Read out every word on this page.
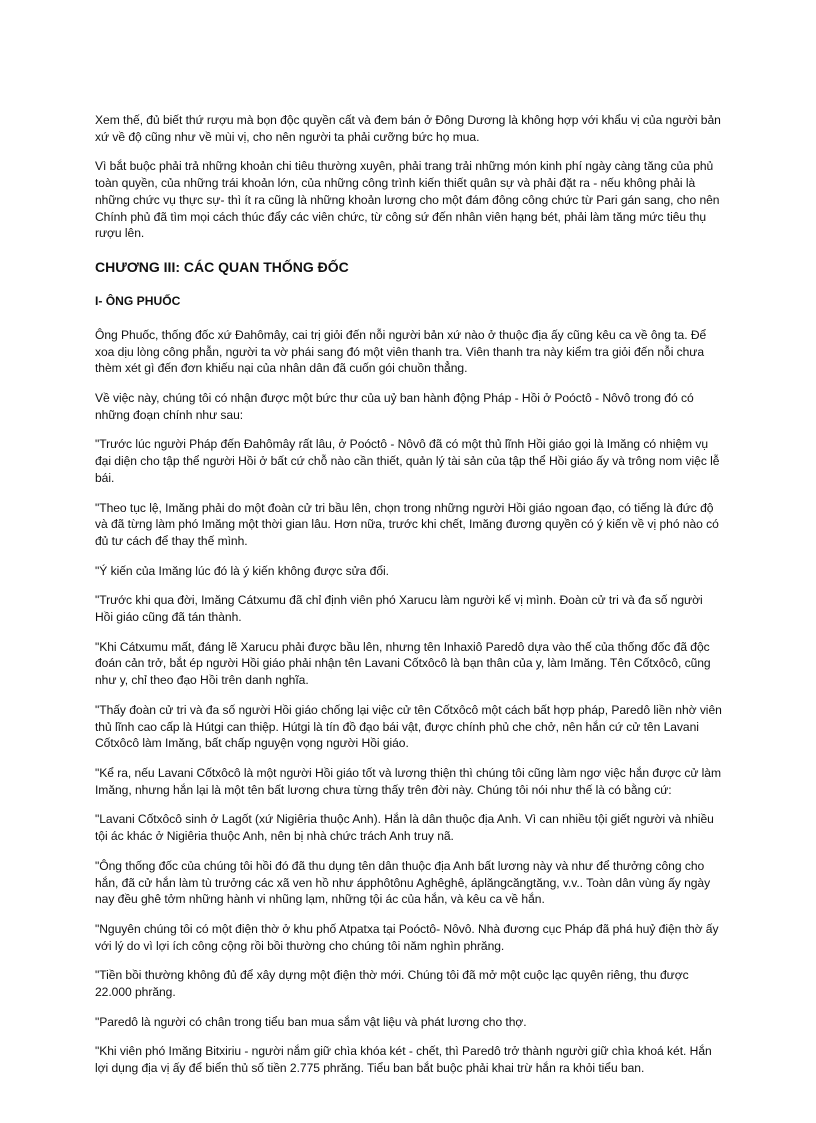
Xem thế, đủ biết thứ rượu mà bọn độc quyền cất và đem bán ở Đông Dương là không hợp với khẩu vị của người bản xứ về độ cũng như về mùi vị, cho nên người ta phải cưỡng bức họ mua.

Vì bắt buộc phải trả những khoản chi tiêu thường xuyên, phải trang trải những món kinh phí ngày càng tăng của phủ toàn quyền, của những trái khoản lớn, của những công trình kiến thiết quân sự và phải đặt ra - nếu không phải là những chức vụ thực sự- thì ít ra cũng là những khoản lương cho một đám đông công chức từ Pari gán sang, cho nên Chính phủ đã tìm mọi cách thúc đẩy các viên chức, từ công sứ đến nhân viên hạng bét, phải làm tăng mức tiêu thụ rượu lên.

CHƯƠNG III: CÁC QUAN THỐNG ĐỐC
I- ÔNG PHUỐC

Ông Phuốc, thống đốc xứ Đahômây, cai trị giỏi đến nỗi người bản xứ nào ở thuộc địa ấy cũng kêu ca về ông ta. Để xoa dịu lòng công phẫn, người ta vờ phái sang đó một viên thanh tra. Viên thanh tra này kiểm tra giỏi đến nỗi chưa thèm xét gì đến đơn khiếu nại của nhân dân đã cuốn gói chuồn thẳng.

Về việc này, chúng tôi có nhận được một bức thư của uỷ ban hành động Pháp - Hồi ở Poóctô - Nôvô trong đó có những đoạn chính như sau:

"Trước lúc người Pháp đến Đahômây rất lâu, ở Poóctô - Nôvô đã có một thủ lĩnh Hồi giáo gọi là Imăng có nhiệm vụ đại diện cho tập thể người Hồi ở bất cứ chỗ nào cần thiết, quản lý tài sản của tập thể Hồi giáo ấy và trông nom việc lễ bái.

"Theo tục lệ, Imăng phải do một đoàn cử tri bầu lên, chọn trong những người Hồi giáo ngoan đạo, có tiếng là đức độ và đã từng làm phó Imăng một thời gian lâu. Hơn nữa, trước khi chết, Imăng đương quyền có ý kiến về vị phó nào có đủ tư cách để thay thế mình.

"Ý kiến của Imăng lúc đó là ý kiến không được sửa đổi.

"Trước khi qua đời, Imăng Cátxumu đã chỉ định viên phó Xarucu làm người kế vị mình. Đoàn cử tri và đa số người Hồi giáo cũng đã tán thành.

"Khi Cátxumu mất, đáng lẽ Xarucu phải được bầu lên, nhưng tên Inhaxiô Paredô dựa vào thế của thống đốc đã độc đoán cản trở, bắt ép người Hồi giáo phải nhận tên Lavani Cốtxôcô là bạn thân của y, làm Imăng. Tên Cốtxôcô, cũng như y, chỉ theo đạo Hồi trên danh nghĩa.

"Thấy đoàn cử tri và đa số người Hồi giáo chống lại việc cử tên Cốtxôcô một cách bất hợp pháp, Paredô liền nhờ viên thủ lĩnh cao cấp là Hútgi can thiệp. Hútgi là tín đồ đạo bái vật, được chính phủ che chở, nên hắn cứ cử tên Lavani Cốtxôcô làm Imăng, bất chấp nguyện vọng người Hồi giáo.

"Kể ra, nếu Lavani Cốtxôcô là một người Hồi giáo tốt và lương thiện thì chúng tôi cũng làm ngơ việc hắn được cử làm Imăng, nhưng hắn lại là một tên bất lương chưa từng thấy trên đời này. Chúng tôi nói như thế là có bằng cứ:

"Lavani Cốtxôcô sinh ở Lagốt (xứ Nigiêria thuộc Anh). Hắn là dân thuộc địa Anh. Vì can nhiều tội giết người và nhiều tội ác khác ở Nigiêria thuộc Anh, nên bị nhà chức trách Anh truy nã.

"Ông thống đốc của chúng tôi hồi đó đã thu dụng tên dân thuộc địa Anh bất lương này và như để thưởng công cho hắn, đã cử hắn làm tù trưởng các xã ven hồ như ápphôtônu Aghêghê, áplăngcăngtăng, v.v.. Toàn dân vùng ấy ngày nay đều ghê tởm những hành vi nhũng lạm, những tội ác của hắn, và kêu ca về hắn.

"Nguyên chúng tôi có một điện thờ ở khu phố Atpatxa tại Poóctô- Nôvô. Nhà đương cục Pháp đã phá huỷ điện thờ ấy với lý do vì lợi ích công cộng rồi bồi thường cho chúng tôi năm nghìn phrăng.

"Tiền bồi thường không đủ để xây dựng một điện thờ mới. Chúng tôi đã mở một cuộc lạc quyên riêng, thu được 22.000 phrăng.

"Paredô là người có chân trong tiểu ban mua sắm vật liệu và phát lương cho thợ.

"Khi viên phó Imăng Bitxiriu - người nắm giữ chìa khóa két - chết, thì Paredô trở thành người giữ chìa khoá két. Hắn lợi dụng địa vị ấy để biển thủ số tiền 2.775 phrăng. Tiểu ban bắt buộc phải khai trừ hắn ra khỏi tiểu ban.
